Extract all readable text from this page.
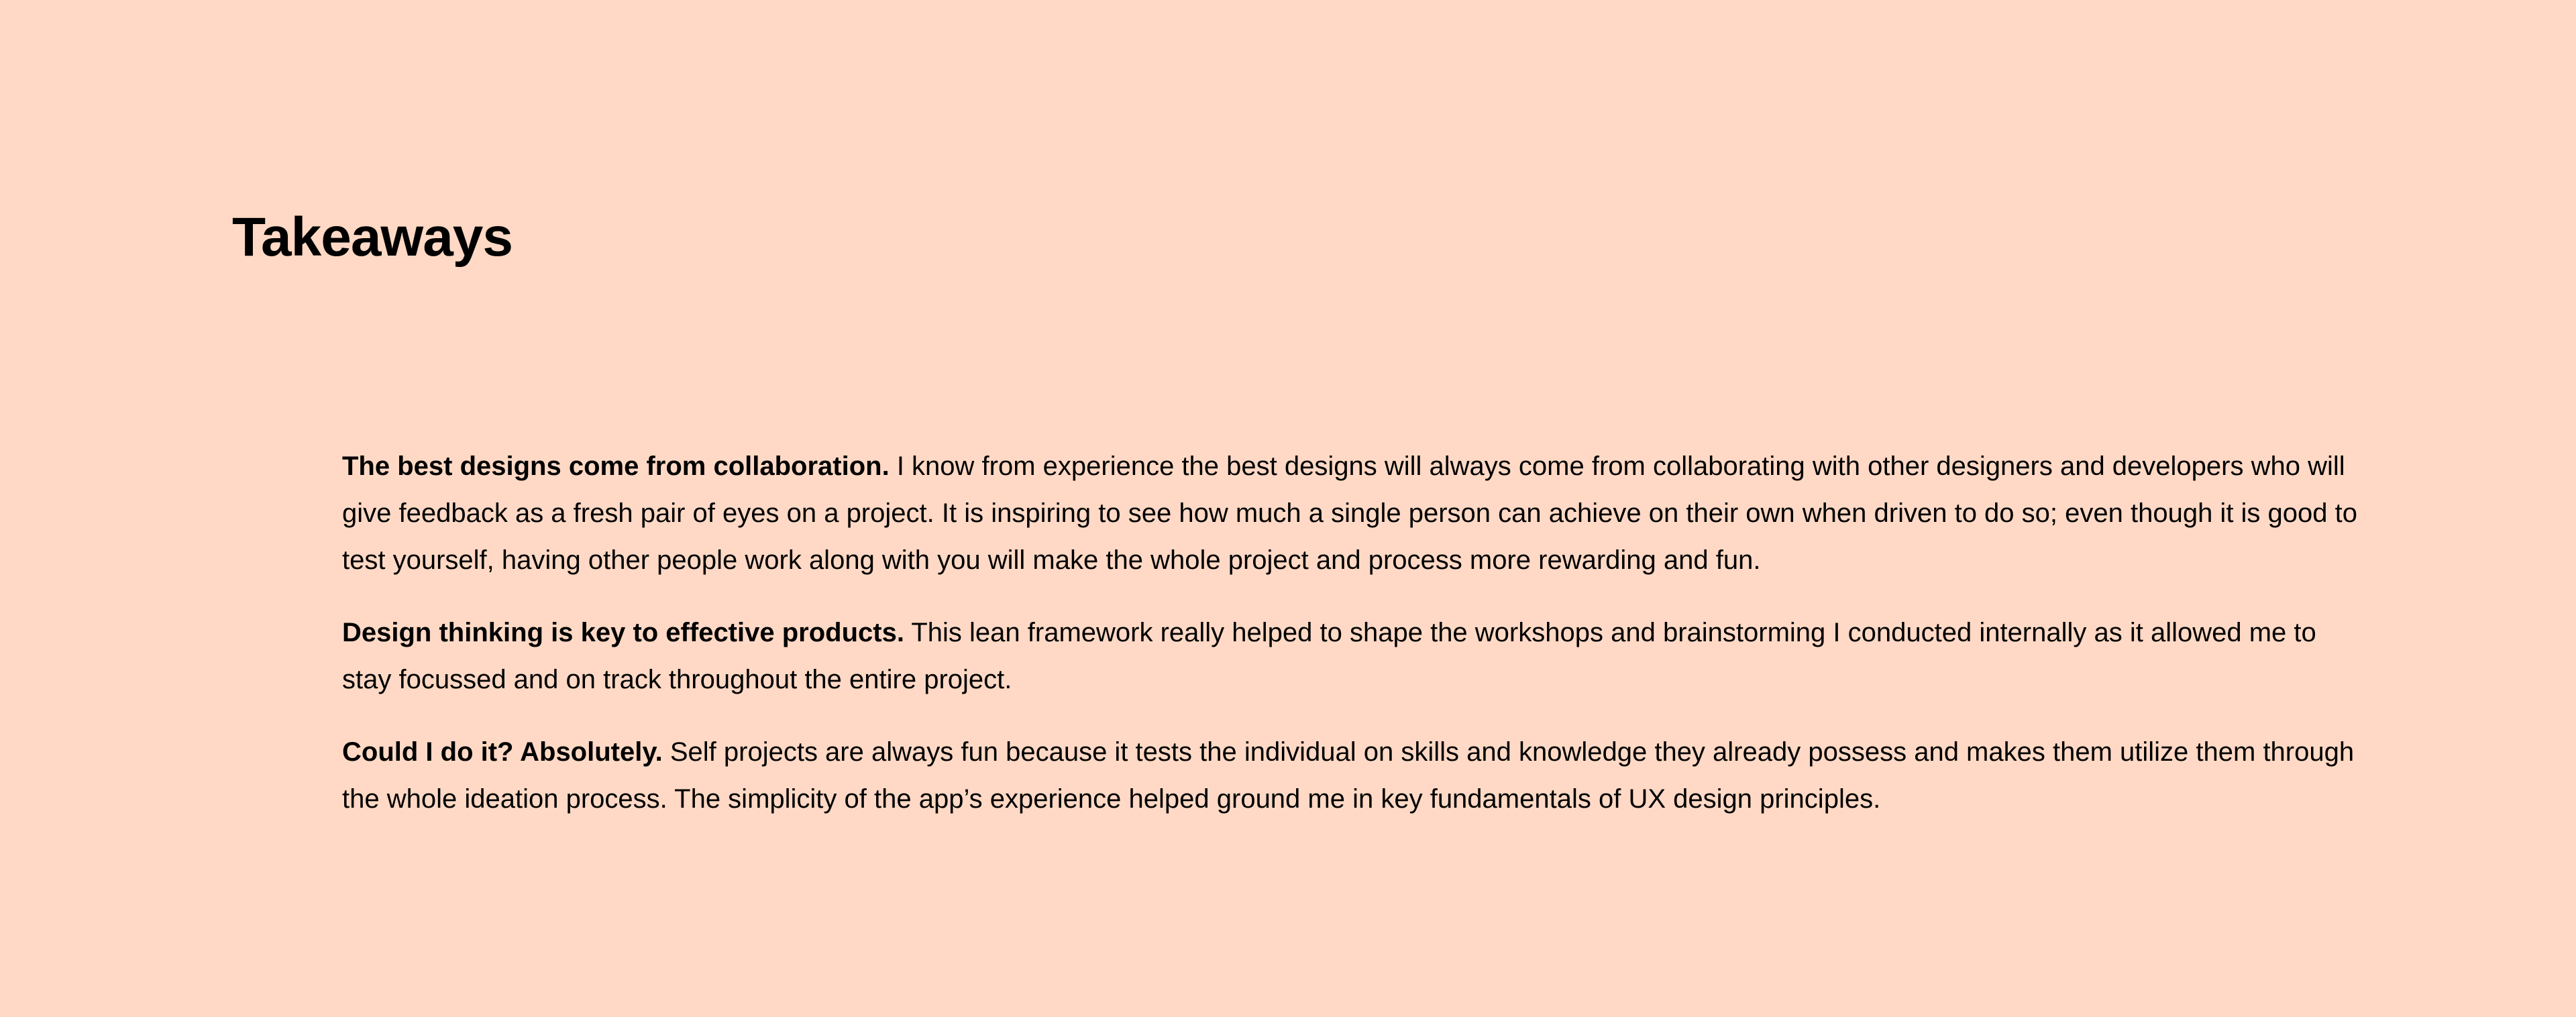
Takeaways

The best designs come from collaboration. I know from experience the best designs will always come from collaborating with other designers and developers who will give feedback as a fresh pair of eyes on a project. It is inspiring to see how much a single person can achieve on their own when driven to do so; even though it is good to test yourself, having other people work along with you will make the whole project and process more rewarding and fun.

Design thinking is key to effective products. This lean framework really helped to shape the workshops and brainstorming I conducted internally as it allowed me to stay focussed and on track throughout the entire project.

Could I do it? Absolutely. Self projects are always fun because it tests the individual on skills and knowledge they already possess and makes them utilize them through the whole ideation process. The simplicity of the app’s experience helped ground me in key fundamentals of UX design principles.
